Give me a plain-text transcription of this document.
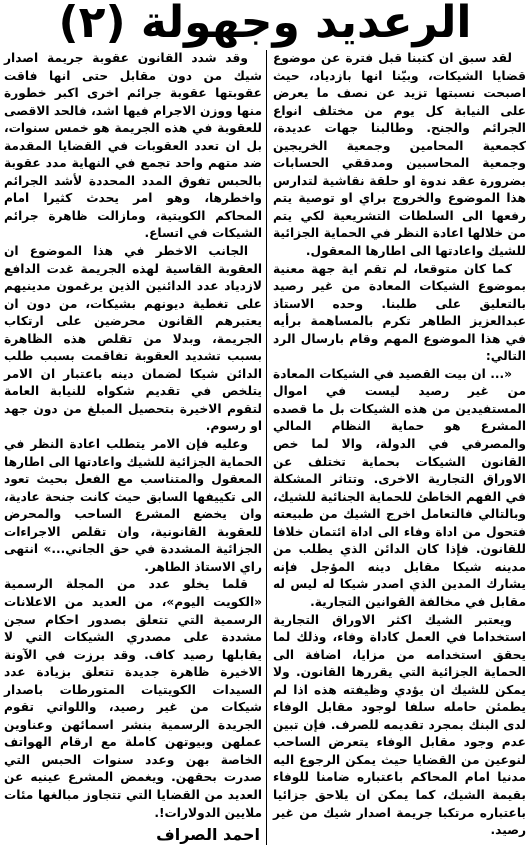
الرعديد وجهولة (٢)

لقد سبق ان كتبنا قبل فترة عن موضوع قضايا الشيكات، وبيّنا انها بازدياد، حيث اصبحت نسبتها تزيد عن نصف ما يعرض على النيابة كل يوم من مختلف انواع الجرائم والجنح. وطالبنا جهات عديدة، كجمعية المحامين وجمعية الخريجين وجمعية المحاسبين ومدققي الحسابات بضرورة عقد ندوة او حلقة نقاشية لتدارس هذا الموضوع والخروج براي او توصية يتم رفعها الى السلطات التشريعية لكي يتم من خلالها اعادة النظر في الحماية الجزائية للشيك واعادتها الى اطارها المعقول.

كما كان متوقعا، لم تقم اية جهة معنية بموضوع الشيكات المعادة من غير رصيد بالتعليق على طلبنا. وحده الاستاذ عبدالعزيز الطاهر تكرم بالمساهمة برأيه في هذا الموضوع المهم وقام بارسال الرد التالي:

«... ان بيت القصيد في الشيكات المعادة من غير رصيد ليست في اموال المستفيدين من هذه الشيكات بل ما قصده المشرع هو حماية النظام المالي والمصرفي في الدولة، والا لما خص القانون الشيكات بحماية تختلف عن الاوراق التجارية الاخرى. وتتاثر المشكلة في الفهم الخاطئ للحماية الجنائية للشيك، وبالتالي فالتعامل اخرج الشيك من طبيعته فتحول من اداة وفاء الى اداة ائتمان خلافا للقانون. فإذا كان الدائن الذي يطلب من مدينه شيكا مقابل دينه المؤجل فإنه يشارك المدين الذي اصدر شيكا له ليس له مقابل في مخالفة القوانين التجارية.

ويعتبر الشيك اكثر الاوراق التجارية استخداما في العمل كاداة وفاء، وذلك لما يحقق استخدامه من مزايا، اضافة الى الحماية الجزائية التي يقررها القانون. ولا يمكن للشيك ان يؤدي وظيفته هذه اذا لم يطمئن حامله سلفا لوجود مقابل الوفاء لدى البنك بمجرد تقديمه للصرف. فإن تبين عدم وجود مقابل الوفاء يتعرض الساحب لنوعين من القضايا حيث يمكن الرجوع اليه مدنيا امام المحاكم باعتباره ضامنا للوفاء بقيمة الشيك، كما يمكن ان يلاحق جزائيا باعتباره مرتكبا جريمة اصدار شيك من غير رصيد.

وقد شدد القانون عقوبة جريمة اصدار شيك من دون مقابل حتى انها فاقت عقوبتها عقوبة جرائم اخرى اكبر خطورة منها ووزن الاجرام فيها اشد، فالحد الاقصى للعقوبة في هذه الجريمة هو خمس سنوات، بل ان تعدد العقوبات في القضايا المقدمة ضد متهم واحد تجمع في النهاية مدد عقوبة بالحبس تفوق المدد المحددة لأشد الجرائم واخطرها، وهو امر يحدث كثيرا امام المحاكم الكويتية، ومازالت ظاهرة جرائم الشيكات في اتساع.

الجانب الاخطر في هذا الموضوع ان العقوبة القاسية لهذه الجريمة غدت الدافع لازدياد عدد الدائنين الذين يرغمون مدينيهم على تغطية ديونهم بشيكات، من دون ان يعتبرهم القانون محرضين على ارتكاب الجريمة، وبدلا من تقلص هذه الظاهرة بسبب تشديد العقوبة تفاقمت بسبب طلب الدائن شيكا لضمان دينه باعتبار ان الامر يتلخص في تقديم شكواه للنيابة العامة لتقوم الاخيرة بتحصيل المبلغ من دون جهد او رسوم.

وعليه فإن الامر يتطلب اعادة النظر في الحماية الجزائية للشيك واعادتها الى اطارها المعقول والمتناسب مع الفعل بحيث تعود الى تكييفها السابق حيث كانت جنحة عادية، وان يخضع المشرع الساحب والمحرض للعقوبة القانونية، وان تقلص الاجراءات الجزائية المشددة في حق الجاني...» انتهى راي الاستاذ الطاهر.

قلما يخلو عدد من المجلة الرسمية «الكويت اليوم»، من العديد من الاعلانات الرسمية التي تتعلق بصدور احكام سجن مشددة على مصدري الشيكات التي لا يقابلها رصيد كاف. وقد برزت في الآونة الاخيرة ظاهرة جديدة تتعلق بزيادة عدد السيدات الكويتيات المتورطات باصدار شيكات من غير رصيد، واللواتي تقوم الجريدة الرسمية بنشر اسمائهن وعناوين عملهن وبيوتهن كاملة مع ارقام الهواتف الخاصة بهن وعدد سنوات الحبس التي صدرت بحقهن. ويغمض المشرع عينيه عن العديد من القضايا التي تتجاوز مبالغها مئات ملايين الدولارات!.

احمد الصراف
